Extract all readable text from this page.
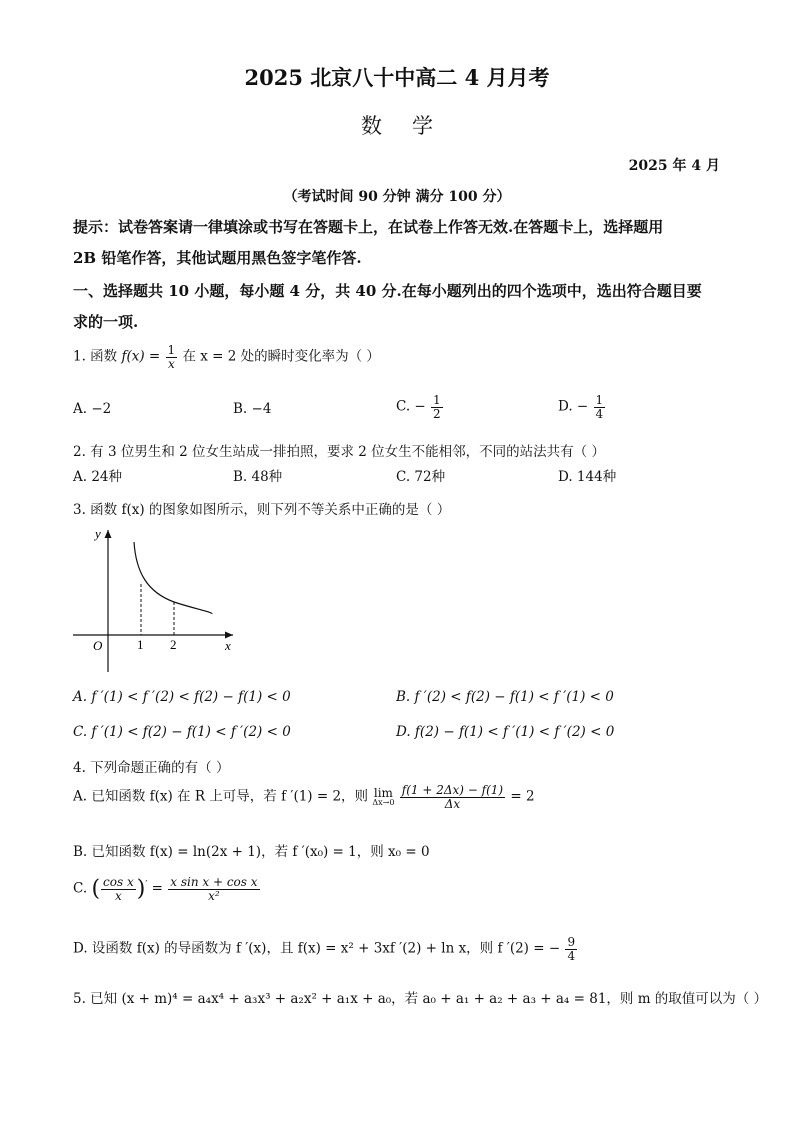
2025 北京八十中高二 4 月月考
数学
2025 年 4 月
（考试时间 90 分钟 满分 100 分）
提示：试卷答案请一律填涂或书写在答题卡上，在试卷上作答无效.在答题卡上，选择题用
2B 铅笔作答，其他试题用黑色签字笔作答.
一、选择题共 10 小题，每小题 4 分，共 40 分.在每小题列出的四个选项中，选出符合题目要
求的一项.
1. 函数 $f(x) = \frac{1}{x}$ 在 x = 2 处的瞬时变化率为（ ）
A. −2	B. −4	C. − $\frac{1}{2}$	D. − $\frac{1}{4}$
2. 有 3 位男生和 2 位女生站成一排拍照，要求 2 位女生不能相邻，不同的站法共有（ ）
A. 24种	B. 48种	C. 72种	D. 144种
3. 函数 f(x) 的图象如图所示，则下列不等关系中正确的是（ ）
y
x
O	1 2
A. f ′(1) < f ′(2) < f(2) − f(1) < 0	B. f ′(2) < f(2) − f(1) < f ′(1) < 0
C. f ′(1) < f(2) − f(1) < f ′(2) < 0	D. f(2) − f(1) < f ′(1) < f ′(2) < 0
4. 下列命题正确的有（ ）
A. 已知函数 f(x) 在 R 上可导，若 f ′(1) = 2，则 lim
Δx→0
$\frac{f(1 + 2\Delta x) - f(1)}{\Delta x} = 2$
B. 已知函数 f(x) = ln(2x + 1)，若 f ′(x₀) = 1，则 x₀ = 0
C. ( $\frac{\text{cos x}}{x} )' = \frac{\text{x sin x + cos x}}{\text{x²}}$
D. 设函数 f(x) 的导函数为 f ′(x)，且 f(x) = x² + 3xf ′(2) + ln x，则 f ′(2) = − $\frac{9}{4}$
5. 已知 (x + m)⁴ = a₄x⁴ + a₃x³ + a₂x² + a₁x + a₀，若 a₀ + a₁ + a₂ + a₃ + a₄ = 81，则 m 的取值可以为（ ）
